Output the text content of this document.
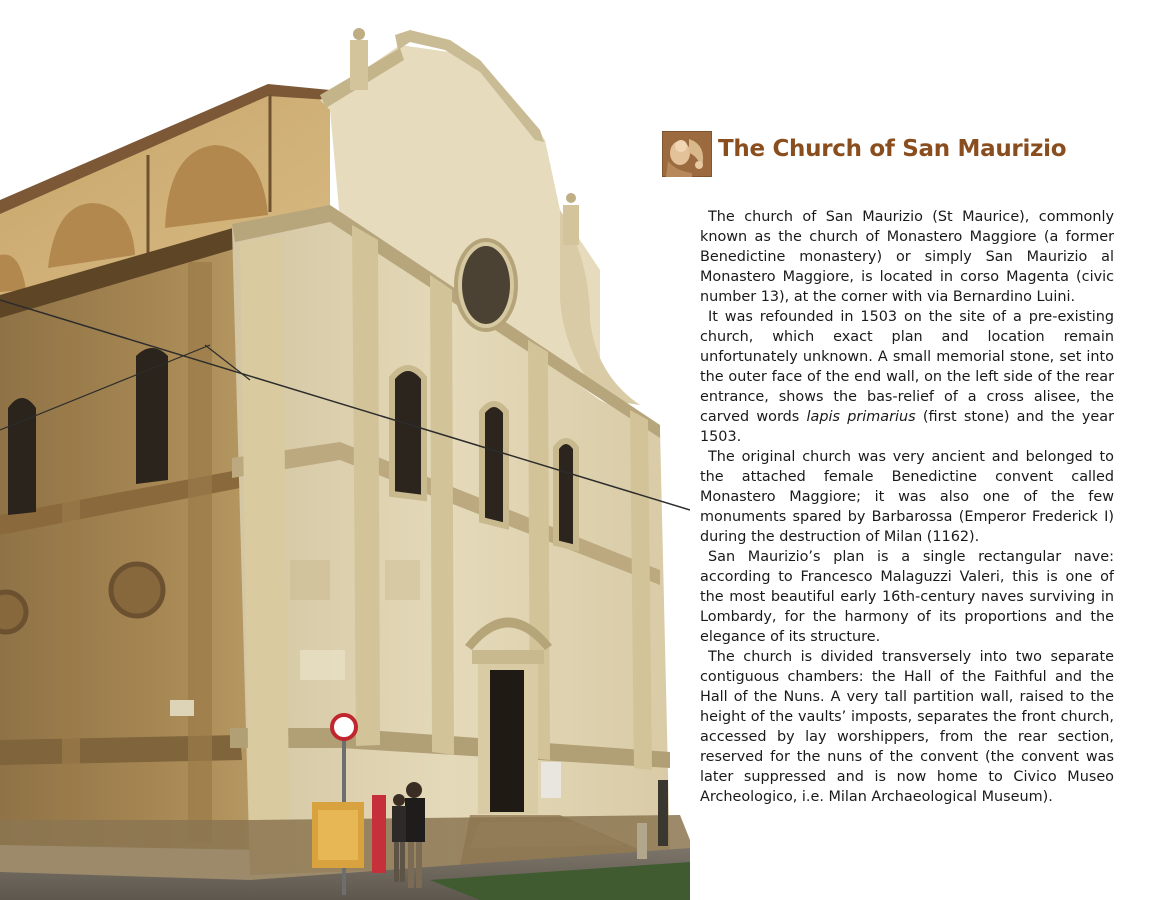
The Church of San Maurizio

The church of San Maurizio (St Maurice), commonly known as the church of Monastero Maggiore (a former Benedictine monastery) or simply San Maurizio al Monastero Maggiore, is located in corso Magenta (civic number 13), at the corner with via Bernardino Luini.

It was refounded in 1503 on the site of a pre-existing church, which exact plan and location remain unfortunately unknown. A small memorial stone, set into the outer face of the end wall, on the left side of the rear entrance, shows the bas-relief of a cross alisee, the carved words lapis primarius (first stone) and the year 1503.

The original church was very ancient and belonged to the attached female Benedictine convent called Monastero Maggiore; it was also one of the few monuments spared by Barbarossa (Emperor Frederick I) during the destruction of Milan (1162).

San Maurizio’s plan is a single rectangular nave: according to Francesco Malaguzzi Valeri, this is one of the most beautiful early 16th-century naves surviving in Lombardy, for the harmony of its proportions and the elegance of its structure.

The church is divided transversely into two separate contiguous chambers: the Hall of the Faithful and the Hall of the Nuns. A very tall partition wall, raised to the height of the vaults’ imposts, separates the front church, accessed by lay worshippers, from the rear section, reserved for the nuns of the convent (the convent was later suppressed and is now home to Civico Museo Archeologico, i.e. Milan Archaeological Museum).
